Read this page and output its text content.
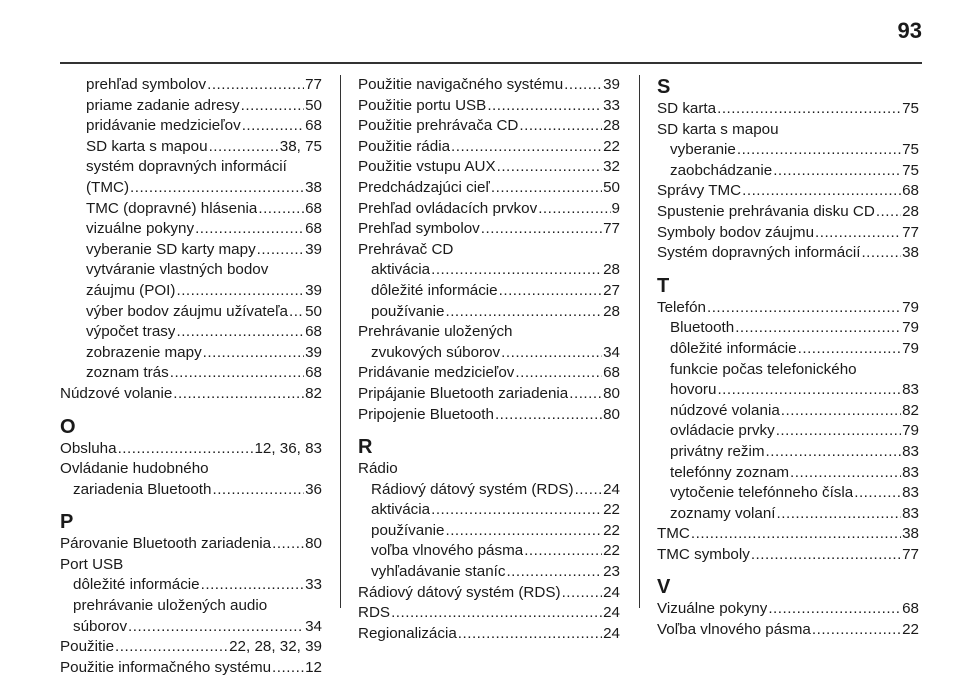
93
prehľad symbolov .....	77
priame zadanie adresy .....	50
pridávanie medzicieľov .....	68
SD karta s mapou .....	38, 75
systém dopravných informácií
(TMC) .....	38
TMC (dopravné) hlásenia .....	68
vizuálne pokyny .....	68
vyberanie SD karty mapy .....	39
vytváranie vlastných bodov
záujmu (POI) .....	39
výber bodov záujmu užívateľa ..... 50
výpočet trasy .....	68
zobrazenie mapy .....	39
zoznam trás .....	68
Núdzové volanie .....	82
O
Obsluha .....	12, 36, 83
Ovládanie hudobného
zariadenia Bluetooth .....	36
P
Párovanie Bluetooth zariadenia ..... 80
Port USB
dôležité informácie .....	33
prehrávanie uložených audio
súborov .....	34
Použitie .....	22, 28, 32, 39
Použitie informačného systému ..... 12
Použitie navigačného systému .....	39
Použitie portu USB .....	33
Použitie prehrávača CD .....	28
Použitie rádia .....	22
Použitie vstupu AUX .....	32
Predchádzajúci cieľ .....	50
Prehľad ovládacích prvkov .....	9
Prehľad symbolov .....	77
Prehrávač CD
aktivácia .....	28
dôležité informácie .....	27
používanie .....	28
Prehrávanie uložených
zvukových súborov .....	34
Pridávanie medzicieľov .....	68
Pripájanie Bluetooth zariadenia ..... 80
Pripojenie Bluetooth .....	80
R
Rádio
Rádiový dátový systém (RDS) ..... 24
aktivácia .....	22
používanie .....	22
voľba vlnového pásma .....	22
vyhľadávanie staníc .....	23
Rádiový dátový systém (RDS) .....	24
RDS .....	24
Regionalizácia .....	24
S
SD karta .....	75
SD karta s mapou
vyberanie .....	75
zaobchádzanie .....	75
Správy TMC .....	68
Spustenie prehrávania disku CD ..... 28
Symboly bodov záujmu .....	77
Systém dopravných informácií .....	38
T
Telefón .....	79
Bluetooth .....	79
dôležité informácie .....	79
funkcie počas telefonického
hovoru .....	83
núdzové volania .....	82
ovládacie prvky .....	79
privátny režim .....	83
telefónny zoznam .....	83
vytočenie telefónneho čísla .....	83
zoznamy volaní .....	83
TMC .....	38
TMC symboly .....	77
V
Vizuálne pokyny .....	68
Voľba vlnového pásma .....	22
